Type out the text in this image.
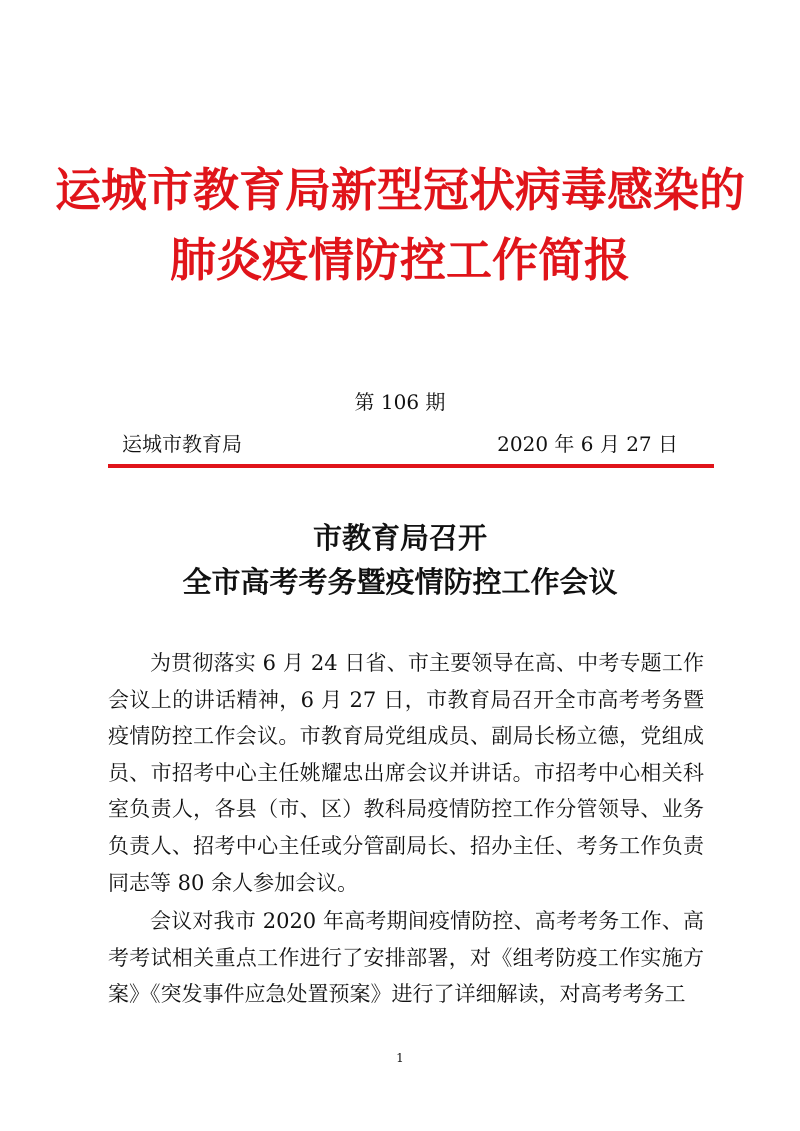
运城市教育局新型冠状病毒感染的
肺炎疫情防控工作简报
第 106 期
运城市教育局	2020 年 6 月 27 日
市教育局召开
全市高考考务暨疫情防控工作会议

为贯彻落实 6 月 24 日省、市主要领导在高、中考专题工作会议上的讲话精神，6 月 27 日，市教育局召开全市高考考务暨疫情防控工作会议。市教育局党组成员、副局长杨立德，党组成员、市招考中心主任姚耀忠出席会议并讲话。市招考中心相关科室负责人，各县（市、区）教科局疫情防控工作分管领导、业务负责人、招考中心主任或分管副局长、招办主任、考务工作负责同志等 80 余人参加会议。

会议对我市 2020 年高考期间疫情防控、高考考务工作、高考考试相关重点工作进行了安排部署，对《组考防疫工作实施方案》《突发事件应急处置预案》进行了详细解读，对高考考务工

1
